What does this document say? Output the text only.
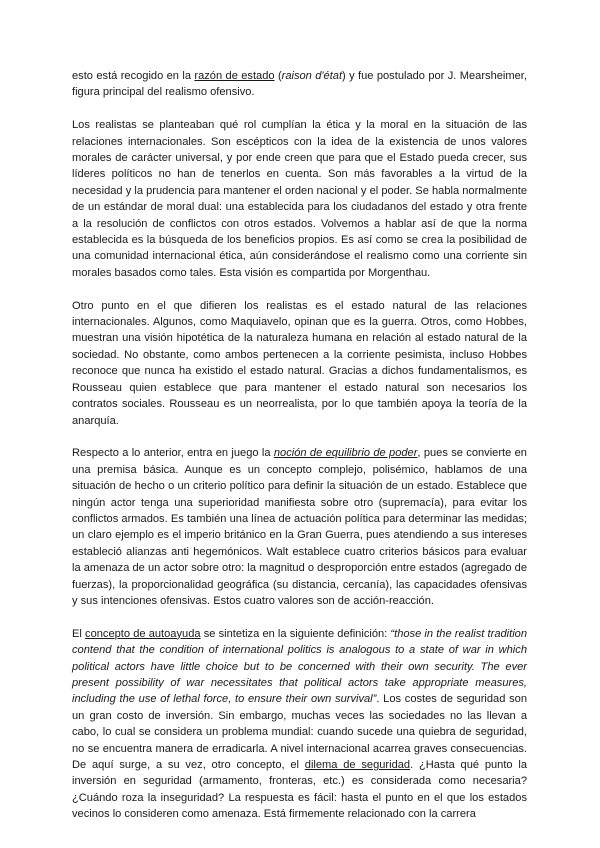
esto está recogido en la razón de estado (raison d'état) y fue postulado por J. Mearsheimer, figura principal del realismo ofensivo.

Los realistas se planteaban qué rol cumplían la ética y la moral en la situación de las relaciones internacionales. Son escépticos con la idea de la existencia de unos valores morales de carácter universal, y por ende creen que para que el Estado pueda crecer, sus líderes políticos no han de tenerlos en cuenta. Son más favorables a la virtud de la necesidad y la prudencia para mantener el orden nacional y el poder. Se habla normalmente de un estándar de moral dual: una establecida para los ciudadanos del estado y otra frente a la resolución de conflictos con otros estados. Volvemos a hablar así de que la norma establecida es la búsqueda de los beneficios propios. Es así como se crea la posibilidad de una comunidad internacional ética, aún considerándose el realismo como una corriente sin morales basados como tales. Esta visión es compartida por Morgenthau.

Otro punto en el que difieren los realistas es el estado natural de las relaciones internacionales. Algunos, como Maquiavelo, opinan que es la guerra. Otros, como Hobbes, muestran una visión hipotética de la naturaleza humana en relación al estado natural de la sociedad. No obstante, como ambos pertenecen a la corriente pesimista, incluso Hobbes reconoce que nunca ha existido el estado natural. Gracias a dichos fundamentalismos, es Rousseau quien establece que para mantener el estado natural son necesarios los contratos sociales. Rousseau es un neorrealista, por lo que también apoya la teoría de la anarquía.

Respecto a lo anterior, entra en juego la noción de equilibrio de poder, pues se convierte en una premisa básica. Aunque es un concepto complejo, polisémico, hablamos de una situación de hecho o un criterio político para definir la situación de un estado. Establece que ningún actor tenga una superioridad manifiesta sobre otro (supremacía), para evitar los conflictos armados. Es también una línea de actuación política para determinar las medidas; un claro ejemplo es el imperio británico en la Gran Guerra, pues atendiendo a sus intereses estableció alianzas anti hegemónicos. Walt establece cuatro criterios básicos para evaluar la amenaza de un actor sobre otro: la magnitud o desproporción entre estados (agregado de fuerzas), la proporcionalidad geográfica (su distancia, cercanía), las capacidades ofensivas y sus intenciones ofensivas. Estos cuatro valores son de acción-reacción.

El concepto de autoayuda se sintetiza en la siguiente definición: “those in the realist tradition contend that the condition of international politics is analogous to a state of war in which political actors have little choice but to be concerned with their own security. The ever present possibility of war necessitates that political actors take appropriate measures, including the use of lethal force, to ensure their own survival”. Los costes de seguridad son un gran costo de inversión. Sin embargo, muchas veces las sociedades no las llevan a cabo, lo cual se considera un problema mundial: cuando sucede una quiebra de seguridad, no se encuentra manera de erradicarla. A nivel internacional acarrea graves consecuencias. De aquí surge, a su vez, otro concepto, el dilema de seguridad. ¿Hasta qué punto la inversión en seguridad (armamento, fronteras, etc.) es considerada como necesaria? ¿Cuándo roza la inseguridad? La respuesta es fácil: hasta el punto en el que los estados vecinos lo consideren como amenaza. Está firmemente relacionado con la carrera
